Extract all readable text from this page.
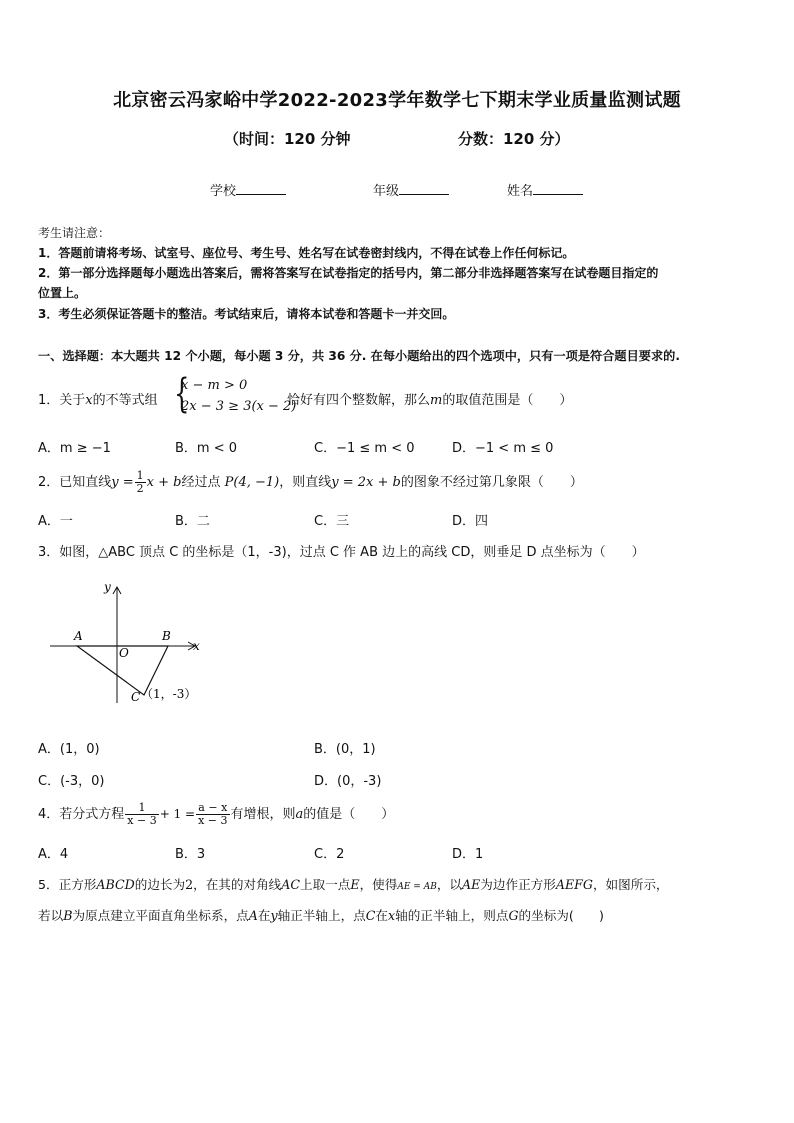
北京密云冯家峪中学2022-2023学年数学七下期末学业质量监测试题
（时间：120 分钟	分数：120 分）
学校	年级	姓名
考生请注意：
1．答题前请将考场、试室号、座位号、考生号、姓名写在试卷密封线内，不得在试卷上作任何标记。
2．第一部分选择题每小题选出答案后，需将答案写在试卷指定的括号内，第二部分非选择题答案写在试卷题目指定的
位置上。
3．考生必须保证答题卡的整洁。考试结束后，请将本试卷和答题卡一并交回。
一、选择题：本大题共 12 个小题，每小题 3 分，共 36 分. 在每小题给出的四个选项中，只有一项是符合题目要求的.
1．关于x的不等式组 {
x − m > 0
2x − 3 ≥ 3(x − 2)
恰好有四个整数解，那么m的取值范围是（　　）
A．m ≥ −1	B．m < 0	C．−1 ≤ m < 0	D．−1 < m ≤ 0
2．已知直线$y = \frac{1}{2}$ x + b经过点 P(4, −1)，则直线y = 2x + b的图象不经过第几象限（　　）
A．一	B．二	C．三	D．四
3．如图，△ABC 顶点 C 的坐标是（1，-3)，过点 C 作 AB 边上的高线 CD，则垂足 D 点坐标为（　　）
y
x
A	B
O
C （1，-3）
A．(1，0)	B．(0，1)
C．(-3，0)	D．(0，-3)
4．若分式方程 $\frac{1}{x - 3} + 1 = \frac{a - x}{x - 3}$ 有增根，则a的值是（　　）
A．4	B．3	C．2	D．1
5．正方形ABCD的边长为2，在其的对角线AC上取一点E，使得AE = AB，以AE为边作正方形AEFG，如图所示，
若以B为原点建立平面直角坐标系，点A在y轴正半轴上，点C在x轴的正半轴上，则点G的坐标为(　　)
